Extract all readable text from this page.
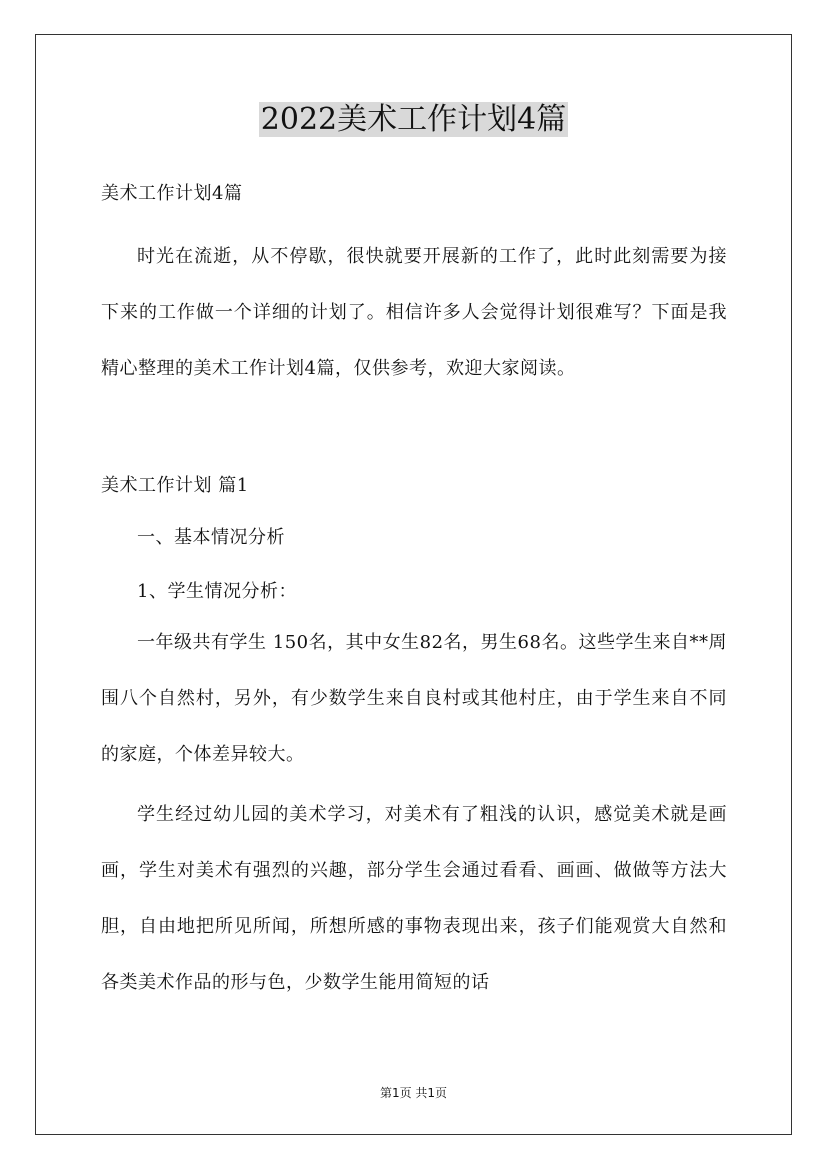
2022美术工作计划4篇

美术工作计划4篇

时光在流逝，从不停歇，很快就要开展新的工作了，此时此刻需要为接下来的工作做一个详细的计划了。相信许多人会觉得计划很难写？下面是我精心整理的美术工作计划4篇，仅供参考，欢迎大家阅读。

美术工作计划 篇1

一、基本情况分析

1、学生情况分析：

一年级共有学生 150名，其中女生82名，男生68名。这些学生来自**周围八个自然村，另外，有少数学生来自良村或其他村庄，由于学生来自不同的家庭，个体差异较大。

学生经过幼儿园的美术学习，对美术有了粗浅的认识，感觉美术就是画画，学生对美术有强烈的兴趣，部分学生会通过看看、画画、做做等方法大胆，自由地把所见所闻，所想所感的事物表现出来，孩子们能观赏大自然和各类美术作品的形与色，少数学生能用简短的话

第1页 共1页
